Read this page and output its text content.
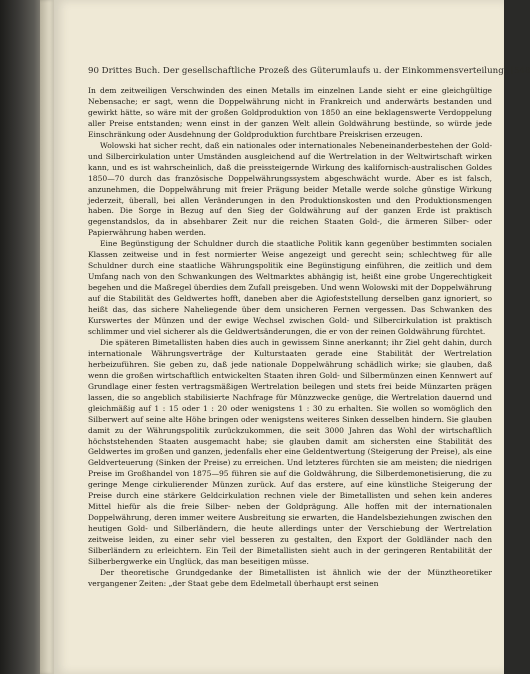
90 Drittes Buch. Der gesellschaftliche Prozeß des Güterumlaufs u. der Einkommensverteilung. [548

In dem zeitweiligen Verschwinden des einen Metalls im einzelnen Lande sieht er eine gleichgültige Nebensache; er sagt, wenn die Doppelwährung nicht in Frankreich und anderwärts bestanden und gewirkt hätte, so wäre mit der großen Goldproduktion von 1850 an eine beklagenswerte Verdoppelung aller Preise entstanden; wenn einst in der ganzen Welt allein Goldwährung bestünde, so würde jede Einschränkung oder Ausdehnung der Goldproduktion furchtbare Preiskrisen erzeugen.

Wolowski hat sicher recht, daß ein nationales oder internationales Nebeneinanderbestehen der Gold- und Silbercirkulation unter Umständen ausgleichend auf die Wertrelation in der Weltwirtschaft wirken kann, und es ist wahrscheinlich, daß die preissteigernde Wirkung des kalifornisch-australischen Goldes 1850—70 durch das französische Doppelwährungssystem abgeschwächt wurde. Aber es ist falsch, anzunehmen, die Doppelwährung mit freier Prägung beider Metalle werde solche günstige Wirkung jederzeit, überall, bei allen Veränderungen in den Produktionskosten und den Produktionsmengen haben. Die Sorge in Bezug auf den Sieg der Goldwährung auf der ganzen Erde ist praktisch gegenstandslos, da in absehbarer Zeit nur die reichen Staaten Gold-, die ärmeren Silber- oder Papierwährung haben werden.

Eine Begünstigung der Schuldner durch die staatliche Politik kann gegenüber bestimmten socialen Klassen zeitweise und in fest normierter Weise angezeigt und gerecht sein; schlechtweg für alle Schuldner durch eine staatliche Währungspolitik eine Begünstigung einführen, die zeitlich und dem Umfang nach von den Schwankungen des Weltmarktes abhängig ist, heißt eine grobe Ungerechtigkeit begehen und die Maßregel überdies dem Zufall preisgeben. Und wenn Wolowski mit der Doppelwährung auf die Stabilität des Geldwertes hofft, daneben aber die Agiofeststellung derselben ganz ignoriert, so heißt das, das sichere Naheliegende über dem unsicheren Fernen vergessen. Das Schwanken des Kurswertes der Münzen und der ewige Wechsel zwischen Gold- und Silbercirkulation ist praktisch schlimmer und viel sicherer als die Geldwertsänderungen, die er von der reinen Goldwährung fürchtet.

Die späteren Bimetallisten haben dies auch in gewissem Sinne anerkannt; ihr Ziel geht dahin, durch internationale Währungsverträge der Kulturstaaten gerade eine Stabilität der Wertrelation herbeizuführen. Sie geben zu, daß jede nationale Doppelwährung schädlich wirke; sie glauben, daß wenn die großen wirtschaftlich entwickelten Staaten ihren Gold- und Silbermünzen einen Kennwert auf Grundlage einer festen vertragsmäßigen Wertrelation beilegen und stets frei beide Münzarten prägen lassen, die so angeblich stabilisierte Nachfrage für Münzzwecke genüge, die Wertrelation dauernd und gleichmäßig auf 1 : 15 oder 1 : 20 oder wenigstens 1 : 30 zu erhalten. Sie wollen so womöglich den Silberwert auf seine alte Höhe bringen oder wenigstens weiteres Sinken desselben hindern. Sie glauben damit zu der Währungspolitik zurückzukommen, die seit 3000 Jahren das Wohl der wirtschaftlich höchststehenden Staaten ausgemacht habe; sie glauben damit am sichersten eine Stabilität des Geldwertes im großen und ganzen, jedenfalls eher eine Geldentwertung (Steigerung der Preise), als eine Geldverteuerung (Sinken der Preise) zu erreichen. Und letzteres fürchten sie am meisten; die niedrigen Preise im Großhandel von 1875—95 führen sie auf die Goldwährung, die Silberdemonetisierung, die zu geringe Menge cirkulierender Münzen zurück. Auf das erstere, auf eine künstliche Steigerung der Preise durch eine stärkere Geldcirkulation rechnen viele der Bimetallisten und sehen kein anderes Mittel hiefür als die freie Silber- neben der Goldprägung. Alle hoffen mit der internationalen Doppelwährung, deren immer weitere Ausbreitung sie erwarten, die Handelsbeziehungen zwischen den heutigen Gold- und Silberländern, die heute allerdings unter der Verschiebung der Wertrelation zeitweise leiden, zu einer sehr viel besseren zu gestalten, den Export der Goldländer nach den Silberländern zu erleichtern. Ein Teil der Bimetallisten sieht auch in der geringeren Rentabilität der Silberbergwerke ein Unglück, das man beseitigen müsse.

Der theoretische Grundgedanke der Bimetallisten ist ähnlich wie der der Münztheoretiker vergangener Zeiten: „der Staat gebe dem Edelmetall überhaupt erst seinen
